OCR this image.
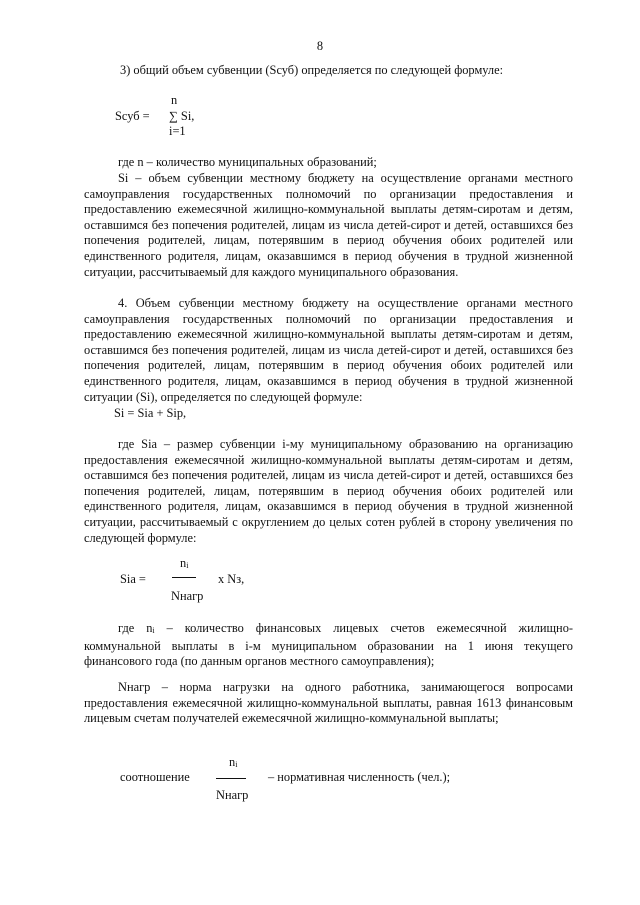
8

3) общий объем субвенции (Sсуб) определяется по следующей формуле:

n
Sсуб = ∑ Si,
i=1

где n – количество муниципальных образований;

Si – объем субвенции местному бюджету на осуществление органами местного самоуправления государственных полномочий по организации предоставления и предоставлению ежемесячной жилищно-коммунальной выплаты детям-сиротам и детям, оставшимся без попечения родителей, лицам из числа детей-сирот и детей, оставшихся без попечения родителей, лицам, потерявшим в период обучения обоих родителей или единственного родителя, лицам, оказавшимся в период обучения в трудной жизненной ситуации, рассчитываемый для каждого муниципального образования.

4. Объем субвенции местному бюджету на осуществление органами местного самоуправления государственных полномочий по организации предоставления и предоставлению ежемесячной жилищно-коммунальной выплаты детям-сиротам и детям, оставшимся без попечения родителей, лицам из числа детей-сирот и детей, оставшихся без попечения родителей, лицам, потерявшим в период обучения обоих родителей или единственного родителя, лицам, оказавшимся в период обучения в трудной жизненной ситуации (Si), определяется по следующей формуле:

Si = Sia + Sip,

где Sia – размер субвенции i-му муниципальному образованию на организацию предоставления ежемесячной жилищно-коммунальной выплаты детям-сиротам и детям, оставшимся без попечения родителей, лицам из числа детей-сирот и детей, оставшихся без попечения родителей, лицам, потерявшим в период обучения обоих родителей или единственного родителя, лицам, оказавшимся в период обучения в трудной жизненной ситуации, рассчитываемый с округлением до целых сотен рублей в сторону увеличения по следующей формуле:

ni
Sia =	x Nз,
Nнагр

где ni – количество финансовых лицевых счетов ежемесячной жилищно-коммунальной выплаты в i-м муниципальном образовании на 1 июня текущего финансового года (по данным органов местного самоуправления);

Nнагр – норма нагрузки на одного работника, занимающегося вопросами предоставления ежемесячной жилищно-коммунальной выплаты, равная 1613 финансовым лицевым счетам получателей ежемесячной жилищно-коммунальной выплаты;

ni
соотношение	– нормативная численность (чел.);
Nнагр
